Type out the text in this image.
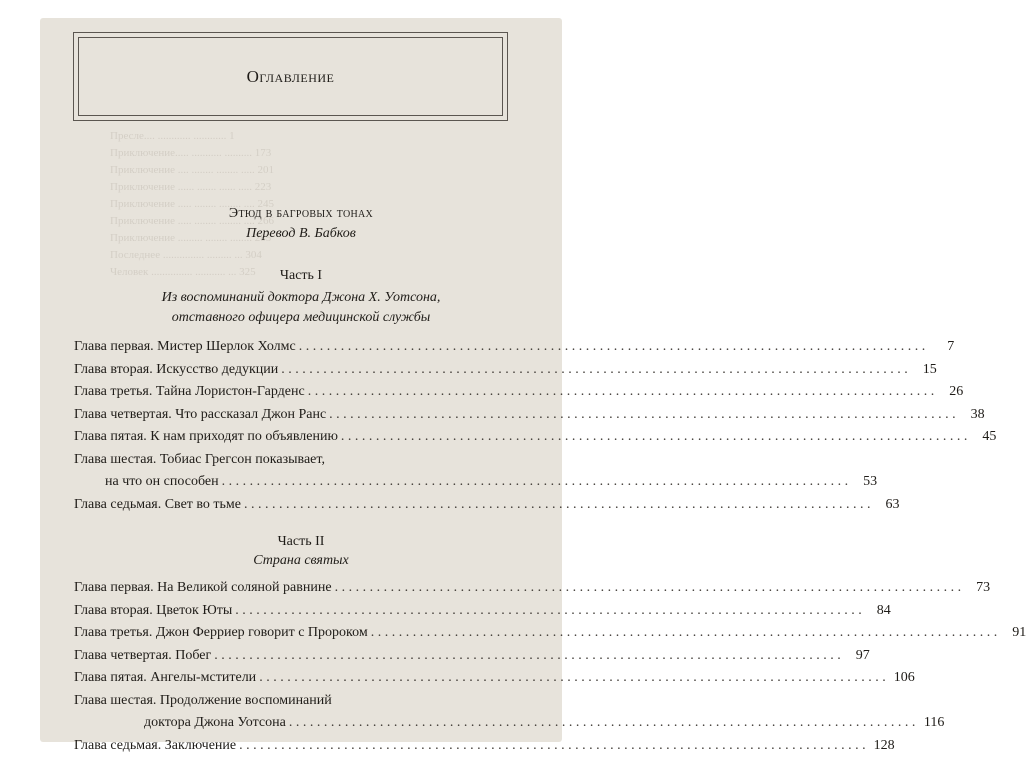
Оглавление
Пресле.... ............ ............ 1
Приключение..... ........... .......... 173
Приключение .... ........ ........ ..... 201
Приключение ...... ....... ...... ..... 223
Приключение ..... ........ ........ .... 245
Приключение ..... ........ ........ .... 266
Приключение ......... ........ ........ 285
Последнее ............... ......... ... 304
Человек ............... ........... ... 325
Этюд в багровых тонах
Перевод В. Бабков
Часть I
Из воспоминаний доктора Джона Х. Уотсона,
отставного офицера медицинской службы
Глава первая. Мистер Шерлок Холмс . . .	7
Глава вторая. Искусство дедукции . . .	15
Глава третья. Тайна Лористон-Гарденс . . .	26
Глава четвертая. Что рассказал Джон Ранс . . .	38
Глава пятая. К нам приходят по объявлению . . .	45
Глава шестая. Тобиас Грегсон показывает,
на что он способен . . .	53
Глава седьмая. Свет во тьме . . .	63
Часть II
Страна святых
Глава первая. На Великой соляной равнине . . .	73
Глава вторая. Цветок Юты . . .	84
Глава третья. Джон Ферриер говорит с Пророком . . .	91
Глава четвертая. Побег . . .	97
Глава пятая. Ангелы-мстители . . .	106
Глава шестая. Продолжение воспоминаний
доктора Джона Уотсона . . .	116
Глава седьмая. Заключение . . .	128
